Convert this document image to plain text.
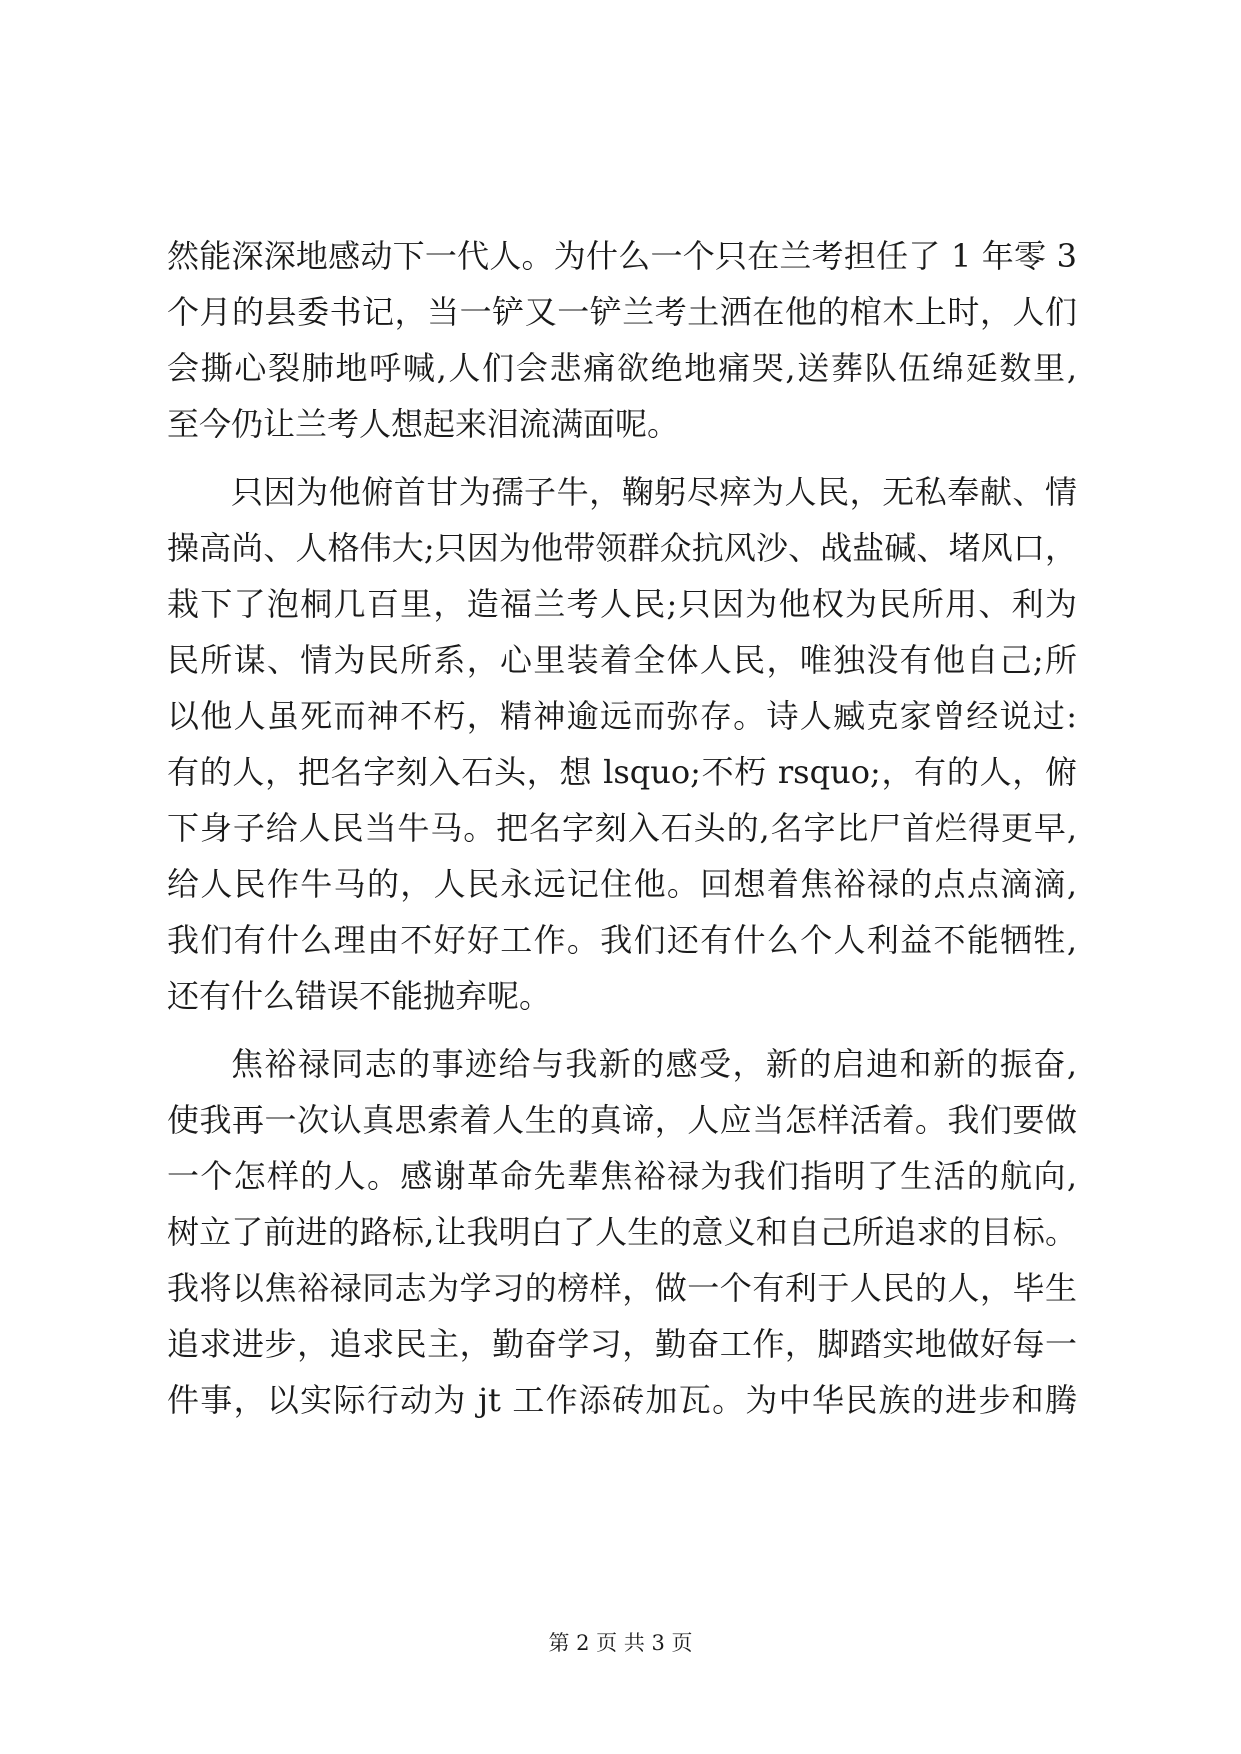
然能深深地感动下一代人。为什么一个只在兰考担任了 1 年零 3
个月的县委书记，当一铲又一铲兰考土洒在他的棺木上时，人们
会撕心裂肺地呼喊,人们会悲痛欲绝地痛哭,送葬队伍绵延数里,
至今仍让兰考人想起来泪流满面呢。
只因为他俯首甘为孺子牛，鞠躬尽瘁为人民，无私奉献、情
操高尚、人格伟大;只因为他带领群众抗风沙、战盐碱、堵风口，
栽下了泡桐几百里，造福兰考人民;只因为他权为民所用、利为
民所谋、情为民所系，心里装着全体人民，唯独没有他自己;所
以他人虽死而神不朽，精神逾远而弥存。诗人臧克家曾经说过:
有的人，把名字刻入石头，想 lsquo;不朽 rsquo;，有的人，俯
下身子给人民当牛马。把名字刻入石头的,名字比尸首烂得更早,
给人民作牛马的，人民永远记住他。回想着焦裕禄的点点滴滴,
我们有什么理由不好好工作。我们还有什么个人利益不能牺牲,
还有什么错误不能抛弃呢。
焦裕禄同志的事迹给与我新的感受，新的启迪和新的振奋,
使我再一次认真思索着人生的真谛，人应当怎样活着。我们要做
一个怎样的人。感谢革命先辈焦裕禄为我们指明了生活的航向,
树立了前进的路标,让我明白了人生的意义和自己所追求的目标。
我将以焦裕禄同志为学习的榜样，做一个有利于人民的人，毕生
追求进步，追求民主，勤奋学习，勤奋工作，脚踏实地做好每一
件事，以实际行动为 jt 工作添砖加瓦。为中华民族的进步和腾
第 2 页 共 3 页
